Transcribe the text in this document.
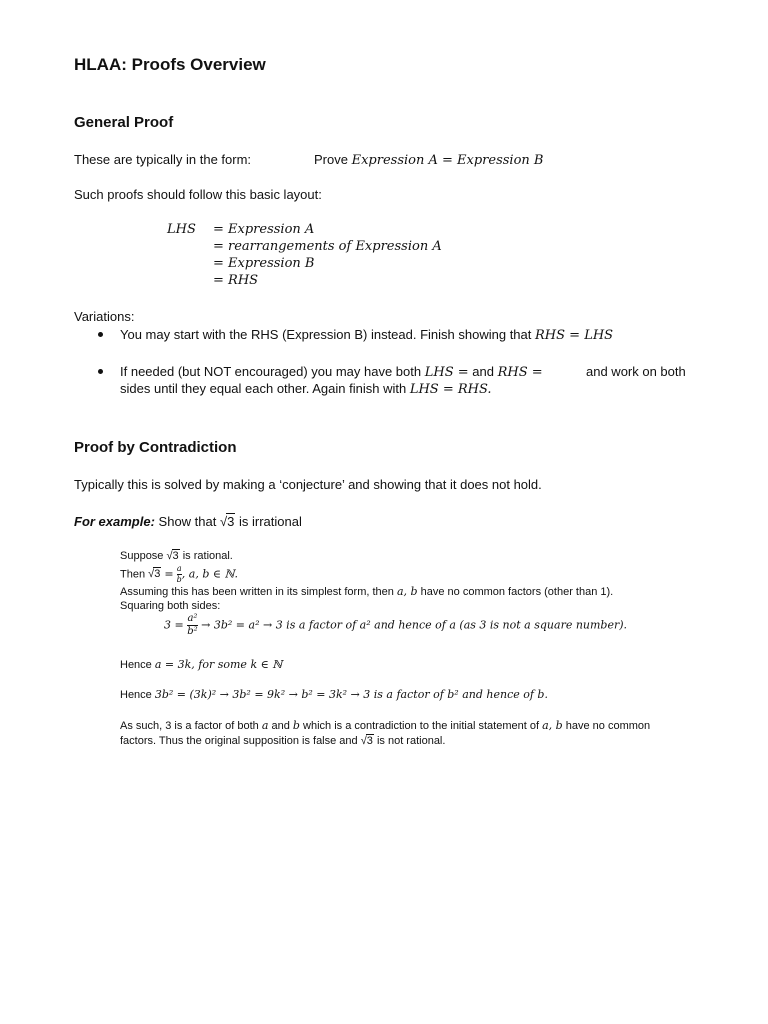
HLAA: Proofs Overview
General Proof
These are typically in the form:	Prove Expression A = Expression B
Such proofs should follow this basic layout:
LHS = Expression A
= rearrangements of Expression A
= Expression B
= RHS
Variations:
You may start with the RHS (Expression B) instead. Finish showing that RHS = LHS
If needed (but NOT encouraged) you may have both LHS = and RHS =	and work on both
sides until they equal each other. Again finish with LHS = RHS.
Proof by Contradiction
Typically this is solved by making a ‘conjecture’ and showing that it does not hold.
For example: Show that √3 is irrational
Suppose √3 is rational.
Then $√3 = \frac{a}{b}$ , a, b ∈ ℕ.
Assuming this has been written in its simplest form, then a, b have no common factors (other than 1).
Squaring both sides:
$3 = \frac{\text{a²}}{\text{b²}} \to 3b^2 = a^2 \to 3$ is a factor of a² and hence of a (as 3 is not a square number).
Hence a = 3k, for some k ∈ ℕ
Hence 3b² = (3k)² → 3b² = 9k² → b² = 3k² → 3 is a factor of b² and hence of b.
As such, 3 is a factor of both a and b which is a contradiction to the initial statement of a, b have no common
factors. Thus the original supposition is false and √3 is not rational.
